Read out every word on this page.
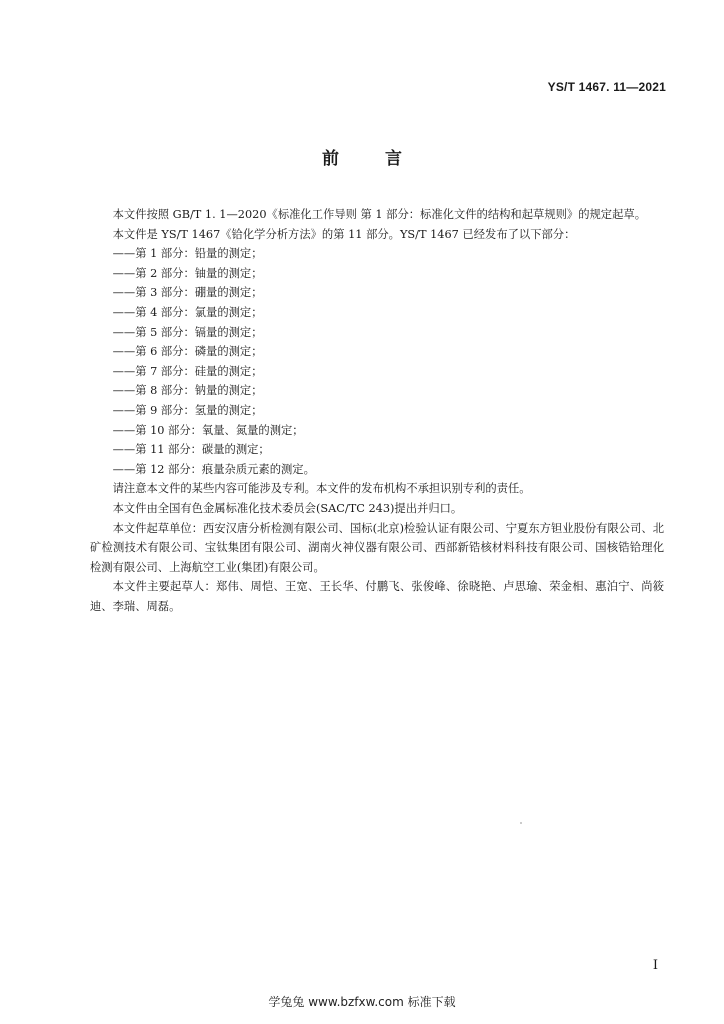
YS/T 1467. 11—2021
前 言

本文件按照 GB/T 1. 1—2020《标准化工作导则 第 1 部分：标准化文件的结构和起草规则》的规定起草。

本文件是 YS/T 1467《铪化学分析方法》的第 11 部分。YS/T 1467 已经发布了以下部分：

——第 1 部分：铅量的测定；
——第 2 部分：铀量的测定；
——第 3 部分：硼量的测定；
——第 4 部分：氯量的测定；
——第 5 部分：镉量的测定；
——第 6 部分：磷量的测定；
——第 7 部分：硅量的测定；
——第 8 部分：钠量的测定；
——第 9 部分：氢量的测定；
——第 10 部分：氧量、氮量的测定；
——第 11 部分：碳量的测定；
——第 12 部分：痕量杂质元素的测定。

请注意本文件的某些内容可能涉及专利。本文件的发布机构不承担识别专利的责任。

本文件由全国有色金属标准化技术委员会(SAC/TC 243)提出并归口。

本文件起草单位：西安汉唐分析检测有限公司、国标(北京)检验认证有限公司、宁夏东方钽业股份有限公司、北矿检测技术有限公司、宝钛集团有限公司、湖南火神仪器有限公司、西部新锆核材料科技有限公司、国核锆铪理化检测有限公司、上海航空工业(集团)有限公司。

本文件主要起草人：郑伟、周恺、王宽、王长华、付鹏飞、张俊峰、徐晓艳、卢思瑜、荣金相、惠泊宁、尚筱迪、李瑞、周磊。

I
学兔兔 www.bzfxw.com 标准下载
